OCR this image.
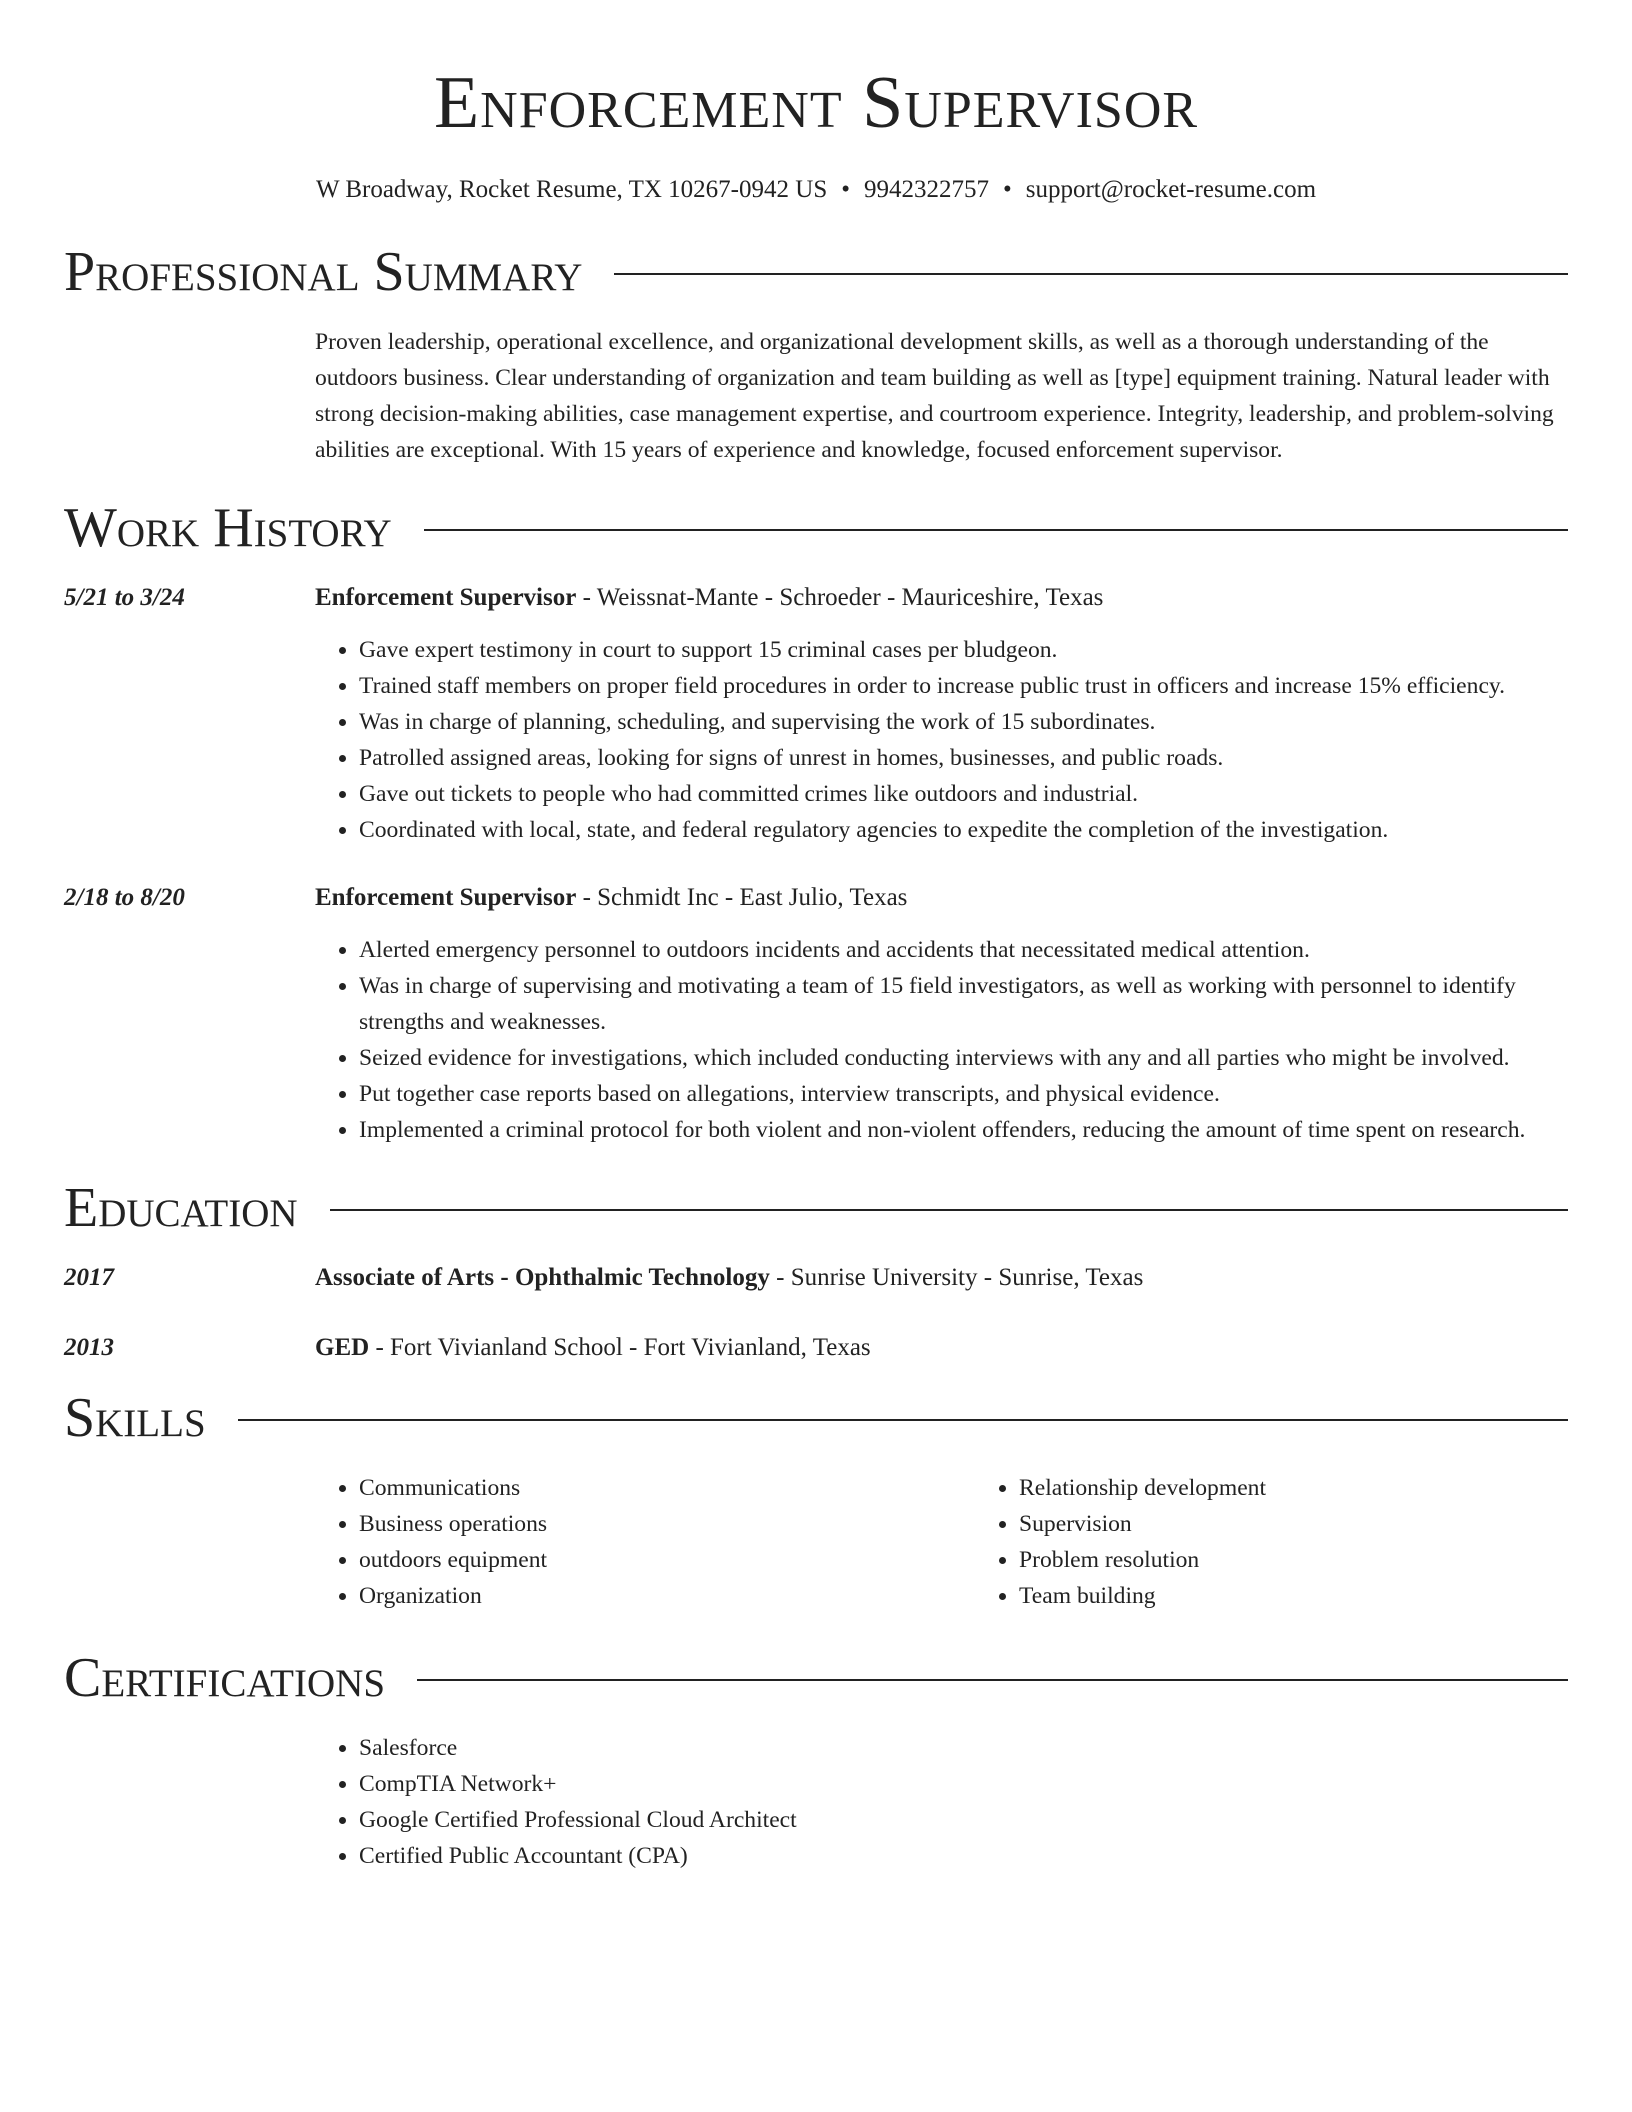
Enforcement Supervisor
W Broadway, Rocket Resume, TX 10267-0942 US • 9942322757 • support@rocket-resume.com
Professional Summary

Proven leadership, operational excellence, and organizational development skills, as well as a thorough understanding of the outdoors business. Clear understanding of organization and team building as well as [type] equipment training. Natural leader with strong decision-making abilities, case management expertise, and courtroom experience. Integrity, leadership, and problem-solving abilities are exceptional. With 15 years of experience and knowledge, focused enforcement supervisor.

Work History
5/21 to 3/24	Enforcement Supervisor - Weissnat-Mante - Schroeder - Mauriceshire, Texas
• Gave expert testimony in court to support 15 criminal cases per bludgeon.
• Trained staff members on proper field procedures in order to increase public trust in officers and increase 15% efficiency.
• Was in charge of planning, scheduling, and supervising the work of 15 subordinates.
• Patrolled assigned areas, looking for signs of unrest in homes, businesses, and public roads.
• Gave out tickets to people who had committed crimes like outdoors and industrial.
• Coordinated with local, state, and federal regulatory agencies to expedite the completion of the investigation.
2/18 to 8/20	Enforcement Supervisor - Schmidt Inc - East Julio, Texas
• Alerted emergency personnel to outdoors incidents and accidents that necessitated medical attention.
• Was in charge of supervising and motivating a team of 15 field investigators, as well as working with personnel to identify strengths and weaknesses.
• Seized evidence for investigations, which included conducting interviews with any and all parties who might be involved.
• Put together case reports based on allegations, interview transcripts, and physical evidence.
• Implemented a criminal protocol for both violent and non-violent offenders, reducing the amount of time spent on research.
Education
2017	Associate of Arts - Ophthalmic Technology - Sunrise University - Sunrise, Texas
2013	GED - Fort Vivianland School - Fort Vivianland, Texas
Skills
• Communications
• Business operations
• outdoors equipment
• Organization
• Relationship development
• Supervision
• Problem resolution
• Team building
Certifications
• Salesforce
• CompTIA Network+
• Google Certified Professional Cloud Architect
• Certified Public Accountant (CPA)
